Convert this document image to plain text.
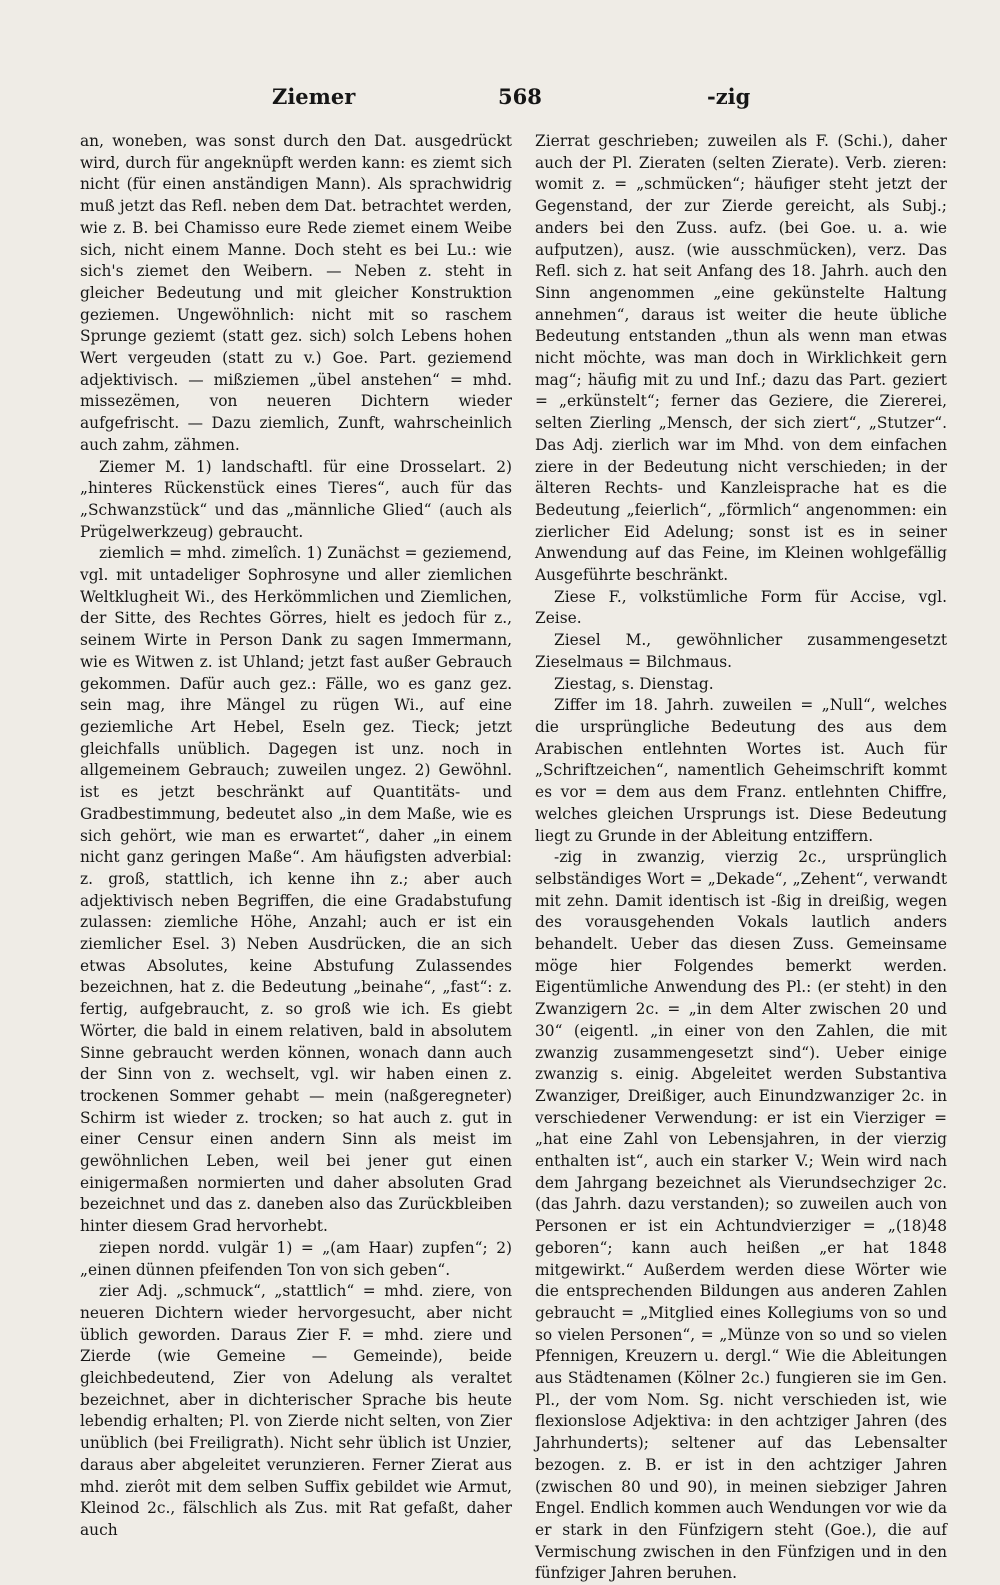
Ziemer	568	-zig

an, woneben, was sonst durch den Dat. ausgedrückt wird, durch für angeknüpft werden kann: es ziemt sich nicht (für einen anständigen Mann). Als sprachwidrig muß jetzt das Refl. neben dem Dat. betrachtet werden, wie z. B. bei Chamisso eure Rede ziemet einem Weibe sich, nicht einem Manne. Doch steht es bei Lu.: wie sich's ziemet den Weibern. — Neben z. steht in gleicher Bedeutung und mit gleicher Konstruktion geziemen. Ungewöhnlich: nicht mit so raschem Sprunge geziemt (statt gez. sich) solch Lebens hohen Wert vergeuden (statt zu v.) Goe. Part. geziemend adjektivisch. — mißziemen „übel anstehen“ = mhd. missezëmen, von neueren Dichtern wieder aufgefrischt. — Dazu ziemlich, Zunft, wahrscheinlich auch zahm, zähmen.

Ziemer M. 1) landschaftl. für eine Drosselart. 2) „hinteres Rückenstück eines Tieres“, auch für das „Schwanzstück“ und das „männliche Glied“ (auch als Prügelwerkzeug) gebraucht.

ziemlich = mhd. zimelîch. 1) Zunächst = geziemend, vgl. mit untadeliger Sophrosyne und aller ziemlichen Weltklugheit Wi., des Herkömmlichen und Ziemlichen, der Sitte, des Rechtes Görres, hielt es jedoch für z., seinem Wirte in Person Dank zu sagen Immermann, wie es Witwen z. ist Uhland; jetzt fast außer Gebrauch gekommen. Dafür auch gez.: Fälle, wo es ganz gez. sein mag, ihre Mängel zu rügen Wi., auf eine geziemliche Art Hebel, Eseln gez. Tieck; jetzt gleichfalls unüblich. Dagegen ist unz. noch in allgemeinem Gebrauch; zuweilen ungez. 2) Gewöhnl. ist es jetzt beschränkt auf Quantitäts- und Gradbestimmung, bedeutet also „in dem Maße, wie es sich gehört, wie man es erwartet“, daher „in einem nicht ganz geringen Maße“. Am häufigsten adverbial: z. groß, stattlich, ich kenne ihn z.; aber auch adjektivisch neben Begriffen, die eine Gradabstufung zulassen: ziemliche Höhe, Anzahl; auch er ist ein ziemlicher Esel. 3) Neben Ausdrücken, die an sich etwas Absolutes, keine Abstufung Zulassendes bezeichnen, hat z. die Bedeutung „beinahe“, „fast“: z. fertig, aufgebraucht, z. so groß wie ich. Es giebt Wörter, die bald in einem relativen, bald in absolutem Sinne gebraucht werden können, wonach dann auch der Sinn von z. wechselt, vgl. wir haben einen z. trockenen Sommer gehabt — mein (naßgeregneter) Schirm ist wieder z. trocken; so hat auch z. gut in einer Censur einen andern Sinn als meist im gewöhnlichen Leben, weil bei jener gut einen einigermaßen normierten und daher absoluten Grad bezeichnet und das z. daneben also das Zurückbleiben hinter diesem Grad hervorhebt.

ziepen nordd. vulgär 1) = „(am Haar) zupfen“; 2) „einen dünnen pfeifenden Ton von sich geben“.

zier Adj. „schmuck“, „stattlich“ = mhd. ziere, von neueren Dichtern wieder hervorgesucht, aber nicht üblich geworden. Daraus Zier F. = mhd. ziere und Zierde (wie Gemeine — Gemeinde), beide gleichbedeutend, Zier von Adelung als veraltet bezeichnet, aber in dichterischer Sprache bis heute lebendig erhalten; Pl. von Zierde nicht selten, von Zier unüblich (bei Freiligrath). Nicht sehr üblich ist Unzier, daraus aber abgeleitet verunzieren. Ferner Zierat aus mhd. zierôt mit dem selben Suffix gebildet wie Armut, Kleinod 2c., fälschlich als Zus. mit Rat gefaßt, daher auch

Zierrat geschrieben; zuweilen als F. (Schi.), daher auch der Pl. Zieraten (selten Zierate). Verb. zieren: womit z. = „schmücken“; häufiger steht jetzt der Gegenstand, der zur Zierde gereicht, als Subj.; anders bei den Zuss. aufz. (bei Goe. u. a. wie aufputzen), ausz. (wie ausschmücken), verz. Das Refl. sich z. hat seit Anfang des 18. Jahrh. auch den Sinn angenommen „eine gekünstelte Haltung annehmen“, daraus ist weiter die heute übliche Bedeutung entstanden „thun als wenn man etwas nicht möchte, was man doch in Wirklichkeit gern mag“; häufig mit zu und Inf.; dazu das Part. geziert = „erkünstelt“; ferner das Geziere, die Ziererei, selten Zierling „Mensch, der sich ziert“, „Stutzer“. Das Adj. zierlich war im Mhd. von dem einfachen ziere in der Bedeutung nicht verschieden; in der älteren Rechts- und Kanzleisprache hat es die Bedeutung „feierlich“, „förmlich“ angenommen: ein zierlicher Eid Adelung; sonst ist es in seiner Anwendung auf das Feine, im Kleinen wohlgefällig Ausgeführte beschränkt.

Ziese F., volkstümliche Form für Accise, vgl. Zeise.

Ziesel M., gewöhnlicher zusammengesetzt Zieselmaus = Bilchmaus.

Ziestag, s. Dienstag.

Ziffer im 18. Jahrh. zuweilen = „Null“, welches die ursprüngliche Bedeutung des aus dem Arabischen entlehnten Wortes ist. Auch für „Schriftzeichen“, namentlich Geheimschrift kommt es vor = dem aus dem Franz. entlehnten Chiffre, welches gleichen Ursprungs ist. Diese Bedeutung liegt zu Grunde in der Ableitung entziffern.

-zig in zwanzig, vierzig 2c., ursprünglich selbständiges Wort = „Dekade“, „Zehent“, verwandt mit zehn. Damit identisch ist -ßig in dreißig, wegen des vorausgehenden Vokals lautlich anders behandelt. Ueber das diesen Zuss. Gemeinsame möge hier Folgendes bemerkt werden. Eigentümliche Anwendung des Pl.: (er steht) in den Zwanzigern 2c. = „in dem Alter zwischen 20 und 30“ (eigentl. „in einer von den Zahlen, die mit zwanzig zusammengesetzt sind“). Ueber einige zwanzig s. einig. Abgeleitet werden Substantiva Zwanziger, Dreißiger, auch Einundzwanziger 2c. in verschiedener Verwendung: er ist ein Vierziger = „hat eine Zahl von Lebensjahren, in der vierzig enthalten ist“, auch ein starker V.; Wein wird nach dem Jahrgang bezeichnet als Vierundsechziger 2c. (das Jahrh. dazu verstanden); so zuweilen auch von Personen er ist ein Achtundvierziger = „(18)48 geboren“; kann auch heißen „er hat 1848 mitgewirkt.“ Außerdem werden diese Wörter wie die entsprechenden Bildungen aus anderen Zahlen gebraucht = „Mitglied eines Kollegiums von so und so vielen Personen“, = „Münze von so und so vielen Pfennigen, Kreuzern u. dergl.“ Wie die Ableitungen aus Städtenamen (Kölner 2c.) fungieren sie im Gen. Pl., der vom Nom. Sg. nicht verschieden ist, wie flexionslose Adjektiva: in den achtziger Jahren (des Jahrhunderts); seltener auf das Lebensalter bezogen. z. B. er ist in den achtziger Jahren (zwischen 80 und 90), in meinen siebziger Jahren Engel. Endlich kommen auch Wendungen vor wie da er stark in den Fünfzigern steht (Goe.), die auf Vermischung zwischen in den Fünfzigen und in den fünfziger Jahren beruhen.
